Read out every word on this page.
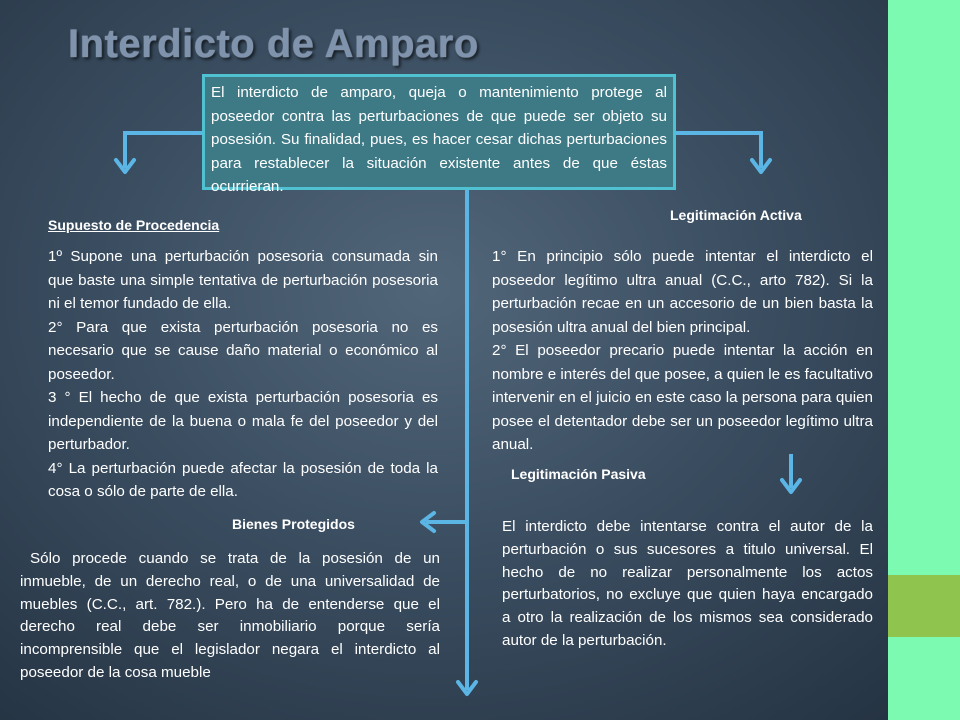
Interdicto de Amparo
El interdicto de amparo, queja o mantenimiento protege al poseedor contra las perturbaciones de que puede ser objeto su posesión. Su finalidad, pues, es hacer cesar dichas perturbaciones para restablecer la situación existente antes de que éstas ocurrieran.
Supuesto de Procedencia

1º Supone una perturbación posesoria consumada sin que baste una simple tentativa de perturbación posesoria ni el temor fundado de ella.

2° Para que exista perturbación posesoria no es necesario que se cause daño material o económico al poseedor.

3 ° El hecho de que exista perturbación posesoria es independiente de la buena o mala fe del poseedor y del perturbador.

4° La perturbación puede afectar la posesión de toda la cosa o sólo de parte de ella.

Legitimación Activa

1° En principio sólo puede intentar el interdicto el poseedor legítimo ultra anual (C.C., arto 782). Si la perturbación recae en un accesorio de un bien basta la posesión ultra anual del bien principal.

2° El poseedor precario puede intentar la acción en nombre e interés del que posee, a quien le es facultativo intervenir en el juicio en este caso la persona para quien posee el detentador debe ser un poseedor legítimo ultra anual.

Legitimación Pasiva
El interdicto debe intentarse contra el autor de la perturbación o sus sucesores a titulo universal. El hecho de no realizar personalmente los actos perturbatorios, no excluye que quien haya encargado a otro la realización de los mismos sea considerado autor de la perturbación.
Bienes Protegidos
Sólo procede cuando se trata de la posesión de un inmueble, de un derecho real, o de una universalidad de muebles (C.C., art. 782.). Pero ha de entenderse que el derecho real debe ser inmobiliario porque sería incomprensible que el legislador negara el interdicto al poseedor de la cosa mueble
